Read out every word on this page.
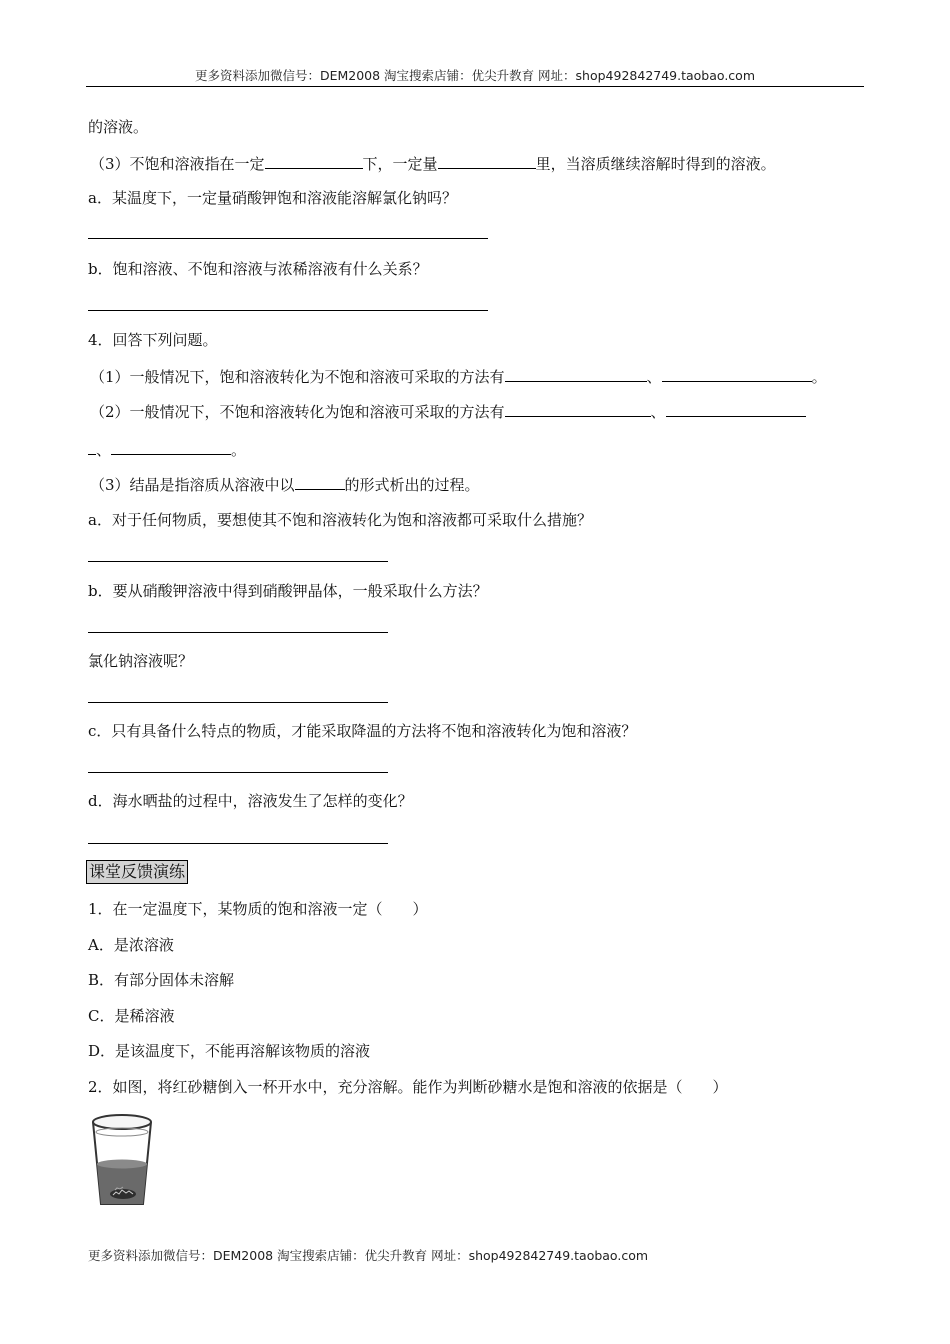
更多资料添加微信号：DEM2008 淘宝搜索店铺：优尖升教育 网址：shop492842749.taobao.com
的溶液。
（3）不饱和溶液指在一定	下，一定量	里，当溶质继续溶解时得到的溶液。
a．某温度下，一定量硝酸钾饱和溶液能溶解氯化钠吗？
b．饱和溶液、不饱和溶液与浓稀溶液有什么关系？
4．回答下列问题。
（1）一般情况下，饱和溶液转化为不饱和溶液可采取的方法有	、	。
（2）一般情况下，不饱和溶液转化为饱和溶液可采取的方法有	、
、	。
（3）结晶是指溶质从溶液中以	的形式析出的过程。
a．对于任何物质，要想使其不饱和溶液转化为饱和溶液都可采取什么措施？
b．要从硝酸钾溶液中得到硝酸钾晶体，一般采取什么方法？
氯化钠溶液呢？
c．只有具备什么特点的物质，才能采取降温的方法将不饱和溶液转化为饱和溶液？
d．海水晒盐的过程中，溶液发生了怎样的变化？
课堂反馈演练
1．在一定温度下，某物质的饱和溶液一定（　　）
A．是浓溶液
B．有部分固体未溶解
C．是稀溶液
D．是该温度下，不能再溶解该物质的溶液
2．如图，将红砂糖倒入一杯开水中，充分溶解。能作为判断砂糖水是饱和溶液的依据是（　　）
更多资料添加微信号：DEM2008 淘宝搜索店铺：优尖升教育 网址：shop492842749.taobao.com
